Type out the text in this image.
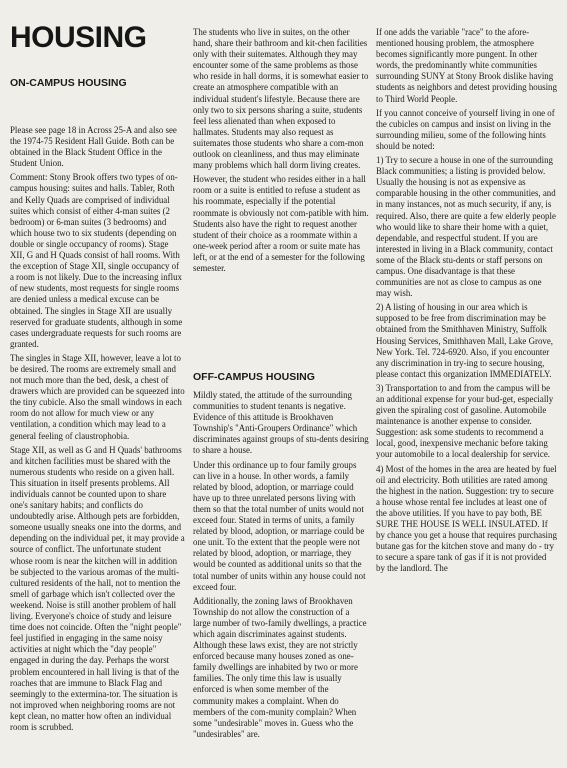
HOUSING
ON-CAMPUS HOUSING

Please see page 18 in Across 25-A and also see the 1974-75 Resident Hall Guide. Both can be obtained in the Black Student Office in the Student Union.

Comment: Stony Brook offers two types of on-campus housing: suites and halls. Tabler, Roth and Kelly Quads are comprised of individual suites which consist of either 4-man suites (2 bedroom) or 6-man suites (3 bedrooms) and which house two to six students (depending on double or single occupancy of rooms). Stage XII, G and H Quads consist of hall rooms. With the exception of Stage XII, single occupancy of a room is not likely. Due to the increasing influx of new students, most requests for single rooms are denied unless a medical excuse can be obtained. The singles in Stage XII are usually reserved for graduate students, although in some cases undergraduate requests for such rooms are granted.

The singles in Stage XII, however, leave a lot to be desired. The rooms are extremely small and not much more than the bed, desk, a chest of drawers which are provided can be squeezed into the tiny cubicle. Also the small windows in each room do not allow for much view or any ventilation, a condition which may lead to a general feeling of claustrophobia.

Stage XII, as well as G and H Quads' bathrooms and kitchen facilities must be shared with the numerous students who reside on a given hall. This situation in itself presents problems. All individuals cannot be counted upon to share one's sanitary habits; and conflicts do undoubtedly arise. Although pets are forbidden, someone usually sneaks one into the dorms, and depending on the individual pet, it may provide a source of conflict. The unfortunate student whose room is near the kitchen will in addition be subjected to the various aromas of the multi-cultured residents of the hall, not to mention the smell of garbage which isn't collected over the weekend. Noise is still another problem of hall living. Everyone's choice of study and leisure time does not coincide. Often the "night people" feel justified in engaging in the same noisy activities at night which the "day people" engaged in during the day. Perhaps the worst problem encountered in hall living is that of the roaches that are immune to Black Flag and seemingly to the extermina-tor. The situation is not improved when neighboring rooms are not kept clean, no matter how often an individual room is scrubbed.

The students who live in suites, on the other hand, share their bathroom and kit-chen facilities only with their suitemates. Although they may encounter some of the same problems as those who reside in hall dorms, it is somewhat easier to create an atmosphere compatible with an individual student's lifestyle. Because there are only two to six persons sharing a suite, students feel less alienated than when exposed to hallmates. Students may also request as suitemates those students who share a com-mon outlook on cleanliness, and thus may eliminate many problems which hall dorm living creates.

However, the student who resides either in a hall room or a suite is entitled to refuse a student as his roommate, especially if the potential roommate is obviously not com-patible with him. Students also have the right to request another student of their choice as a roommate within a one-week period after a room or suite mate has left, or at the end of a semester for the following semester.

OFF-CAMPUS HOUSING

Mildly stated, the attitude of the surrounding communities to student tenants is negative. Evidence of this attitude is Brookhaven Township's "Anti-Groupers Ordinance" which discriminates against groups of stu-dents desiring to share a house.

Under this ordinance up to four family groups can live in a house. In other words, a family related by blood, adoption, or marriage could have up to three unrelated persons living with them so that the total number of units would not exceed four. Stated in terms of units, a family related by blood, adoption, or marriage could be one unit. To the extent that the people were not related by blood, adoption, or marriage, they would be counted as additional units so that the total number of units within any house could not exceed four.

Additionally, the zoning laws of Brookhaven Township do not allow the construction of a large number of two-family dwellings, a practice which again discriminates against students. Although these laws exist, they are not strictly enforced because many houses zoned as one-family dwellings are inhabited by two or more families. The only time this law is usually enforced is when some member of the community makes a complaint. When do members of the com-munity complain? When some "undesirable" moves in. Guess who the "undesirables" are.

If one adds the variable "race" to the afore-mentioned housing problem, the atmosphere becomes significantly more pungent. In other words, the predominantly white communities surrounding SUNY at Stony Brook dislike having students as neighbors and detest providing housing to Third World People.

If you cannot conceive of yourself living in one of the cubicles on campus and insist on living in the surrounding milieu, some of the following hints should be noted:

1) Try to secure a house in one of the surrounding Black communities; a listing is provided below. Usually the housing is not as expensive as comparable housing in the other communities, and in many instances, not as much security, if any, is required. Also, there are quite a few elderly people who would like to share their home with a quiet, dependable, and respectful student. If you are interested in living in a Black community, contact some of the Black stu-dents or staff persons on campus. One disadvantage is that these communities are not as close to campus as one may wish.

2) A listing of housing in our area which is supposed to be free from discrimination may be obtained from the Smithhaven Ministry, Suffolk Housing Services, Smithhaven Mall, Lake Grove, New York. Tel. 724-6920. Also, if you encounter any discrimination in try-ing to secure housing, please contact this organization IMMEDIATELY.

3) Transportation to and from the campus will be an additional expense for your bud-get, especially given the spiraling cost of gasoline. Automobile maintenance is another expense to consider. Suggestion: ask some students to recommend a local, good, inexpensive mechanic before taking your automobile to a local dealership for service.

4) Most of the homes in the area are heated by fuel oil and electricity. Both utilities are rated among the highest in the nation. Suggestion: try to secure a house whose rental fee includes at least one of the above utilities. If you have to pay both, BE SURE THE HOUSE IS WELL INSULATED. If by chance you get a house that requires purchasing butane gas for the kitchen stove and many do - try to secure a spare tank of gas if it is not provided by the landlord. The
